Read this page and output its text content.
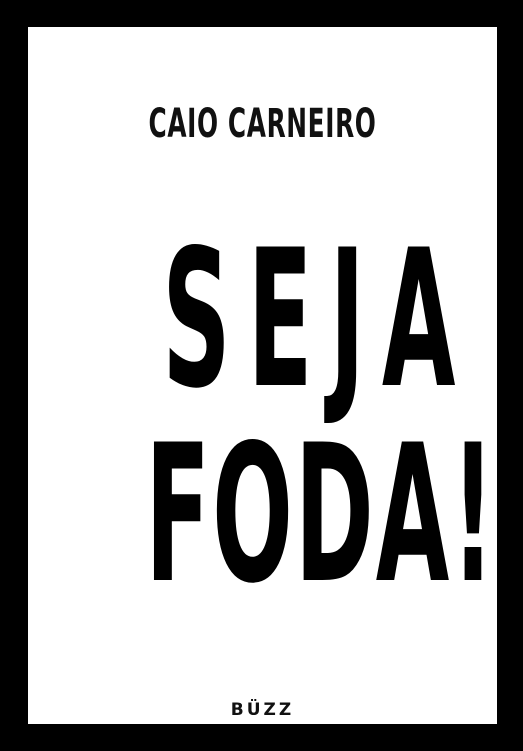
CAIO CARNEIRO
SEJA
FODA!
BÜZZ
